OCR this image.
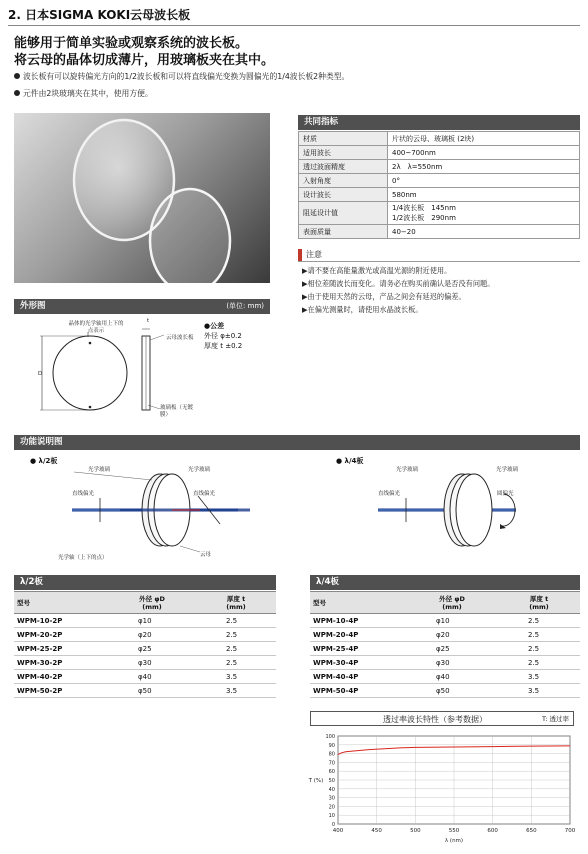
2. 日本SIGMA KOKI云母波长板
能够用于简单实验或观察系统的波长板。
将云母的晶体切成薄片，用玻璃板夹在其中。
波长板有可以旋转偏光方向的1/2波长板和可以将直线偏光变换为圆偏光的1/4波长板2种类型。
元件由2块玻璃夹在其中，使用方便。
共同指标
材质	片状的云母、玻璃板 (2块)
适用波长	400~700nm
透过波面精度	2λ　λ=550nm
入射角度	0°
设计波长	580nm
阻延设计值	1/4波长板　145nm
1/2波长板　290nm
表面质量	40−20
注意
▶请不要在高能量激光或高温光源的附近使用。
▶相位差随波长而变化。请务必在购买前确认是否没有问题。
▶由于使用天然的云母，产品之间会有延迟的偏差。
▶在偏光测量时，请使用水晶波长板。
外形图	(单位: mm)
晶体的光学轴用上下的点表示
云母波长板
玻璃板（无镀膜）
D
t
●公差
外径 φ±0.2
厚度 t ±0.2
功能说明图
● λ/2板	● λ/4板
光学玻璃	光学玻璃
直线偏光	直线偏光
光学轴（上下的点）	云母
光学玻璃	光学玻璃
直线偏光	圆偏光
λ/2板
型号	外径 φD
(mm)	厚度 t
(mm)
WPM-10-2P	φ10	2.5
WPM-20-2P	φ20	2.5
WPM-25-2P	φ25	2.5
WPM-30-2P	φ30	2.5
WPM-40-2P	φ40	3.5
WPM-50-2P	φ50	3.5
λ/4板
型号	外径 φD
(mm)	厚度 t
(mm)
WPM-10-4P	φ10	2.5
WPM-20-4P	φ20	2.5
WPM-25-4P	φ25	2.5
WPM-30-4P	φ30	2.5
WPM-40-4P	φ40	3.5
WPM-50-4P	φ50	3.5
透过率波长特性（参考数据）	T: 透过率
0
10
20
30
40
50
60
70
80
90
100
400	450	500	550	600	650	700
T (%)
λ (nm)
